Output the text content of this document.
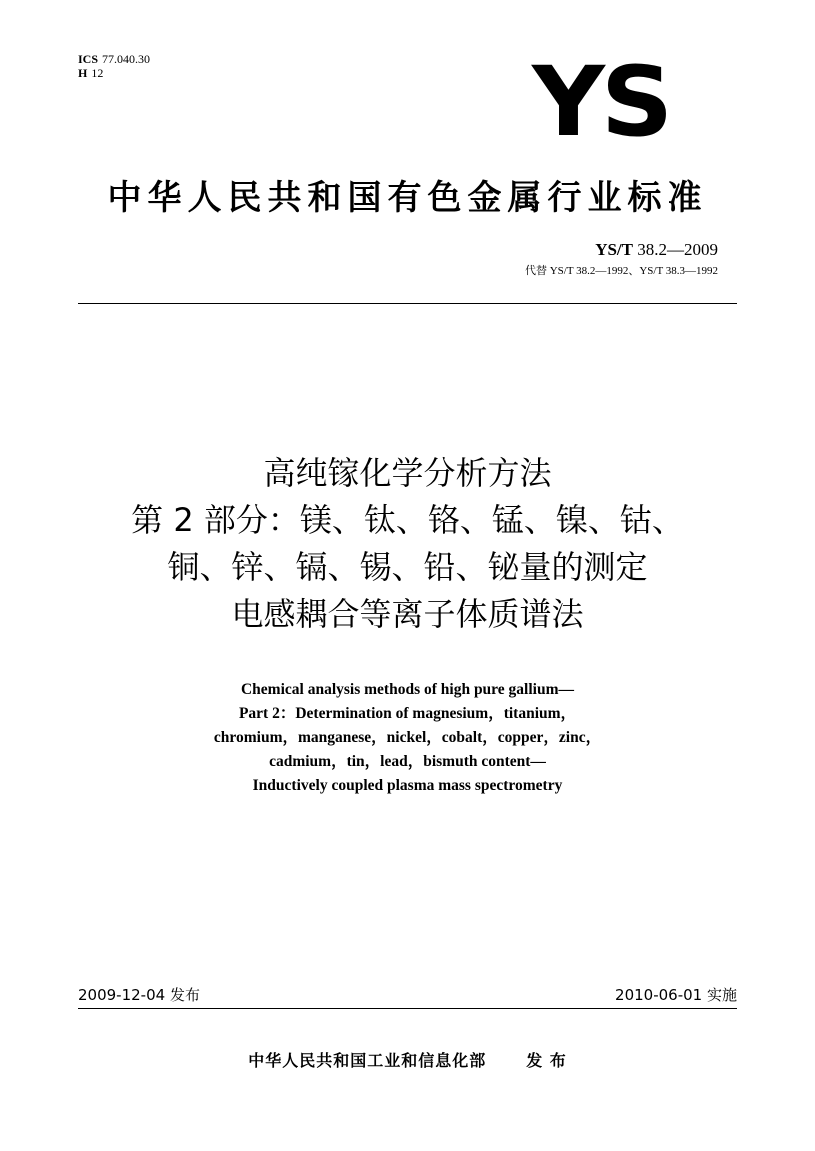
ICS 77.040.30
H 12	YS
中华人民共和国有色金属行业标准
YS/T 38.2—2009
代替 YS/T 38.2—1992、YS/T 38.3—1992
高纯镓化学分析方法
第 2 部分：镁、钛、铬、锰、镍、钴、
铜、锌、镉、锡、铅、铋量的测定
电感耦合等离子体质谱法
Chemical analysis methods of high pure gallium—
Part 2：Determination of magnesium，titanium，
chromium，manganese，nickel，cobalt，copper，zinc，
cadmium，tin，lead，bismuth content—
Inductively coupled plasma mass spectrometry
2009-12-04 发布	2010-06-01 实施
中华人民共和国工业和信息化部	发 布
